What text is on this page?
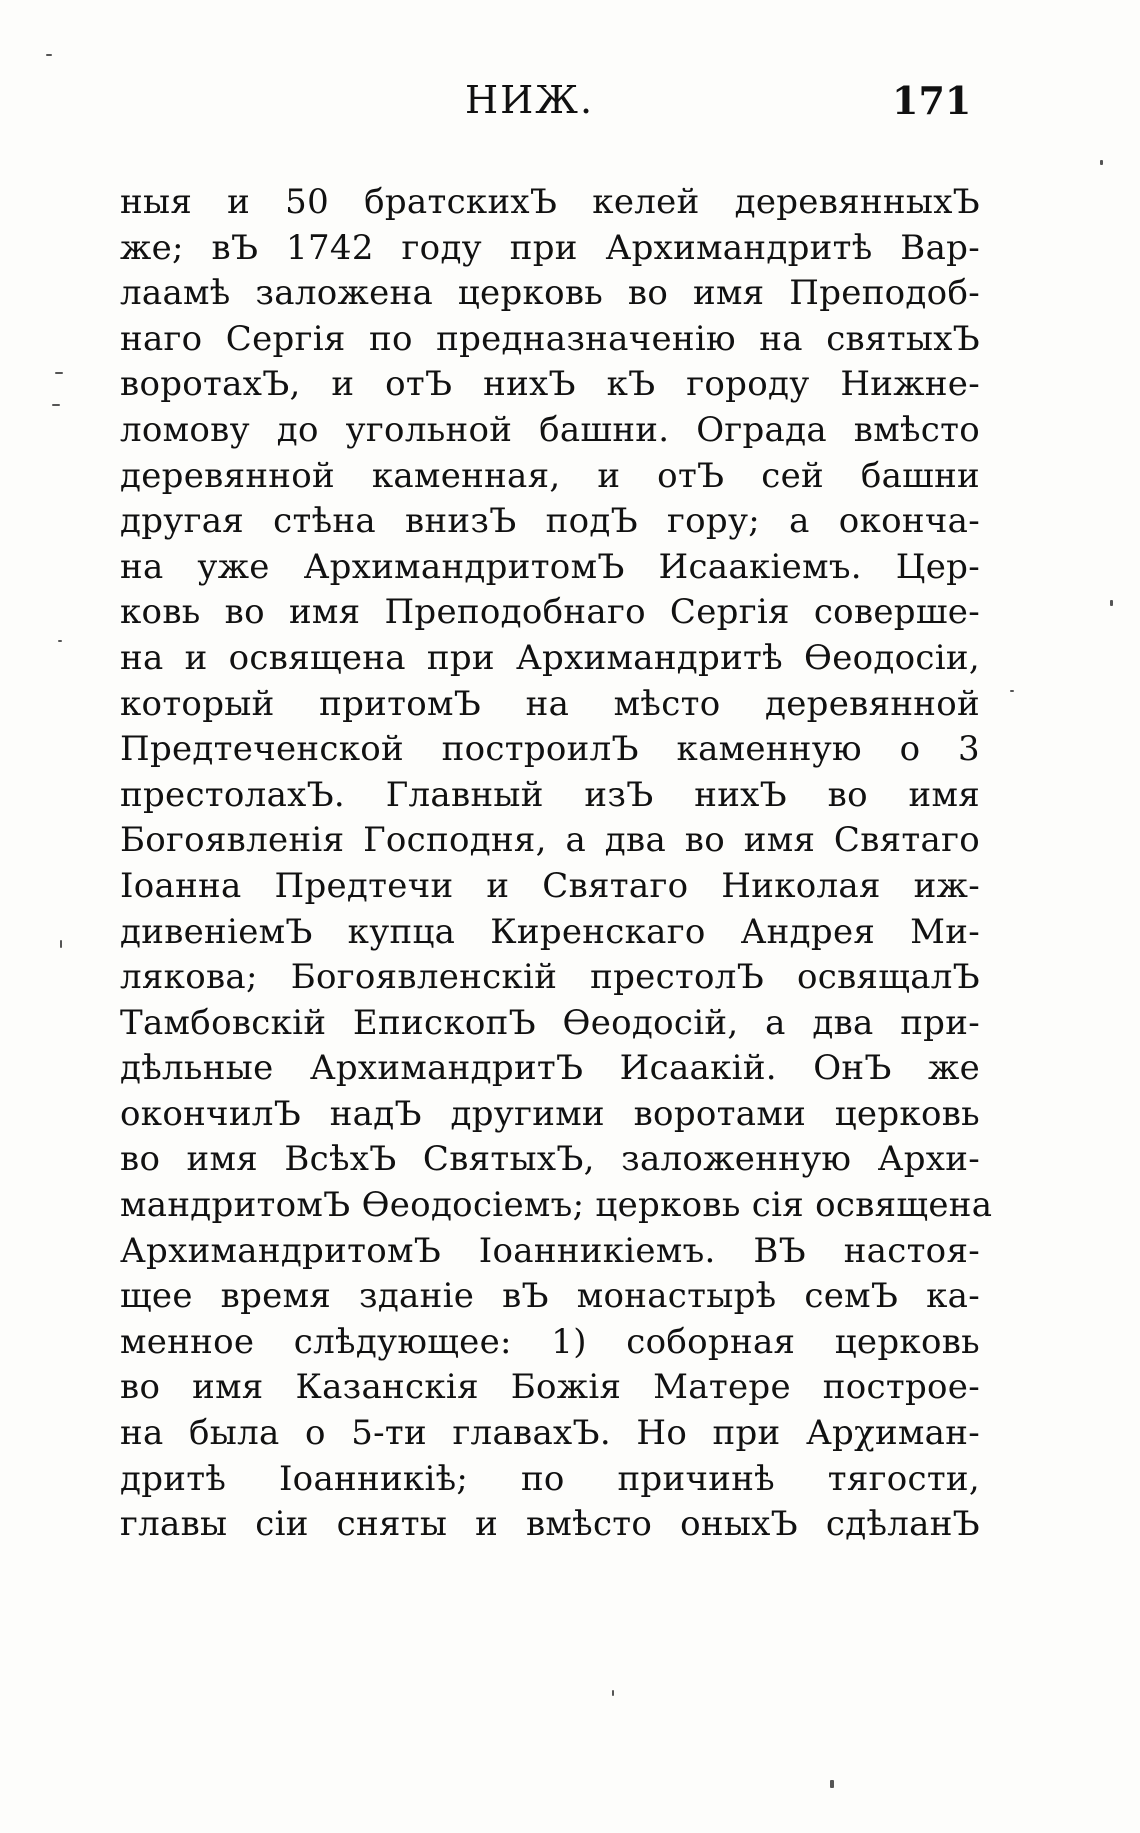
НИЖ.	171
ныя и 50 братскихЪ келей деревянныхЪ
же; вЪ 1742 году при Архимандритѣ Вар-
лаамѣ заложена церковь во имя Преподоб-
наго Сергія по предназначенію на святыхЪ
воротахЪ, и отЪ нихЪ кЪ городу Нижне-
ломову до угольной башни. Ограда вмѣсто
деревянной каменная, и отЪ сей башни
другая стѣна внизЪ подЪ гору; а оконча-
на уже АрхимандритомЪ Исаакіемъ. Цер-
ковь во имя Преподобнаго Сергія соверше-
на и освящена при Архимандритѣ Өеодосіи,
который притомЪ на мѣсто деревянной
Предтеченской построилЪ каменную о 3
престолахЪ. Главный изЪ нихЪ во имя
Богоявленія Господня, а два во имя Святаго
Іоанна Предтечи и Святаго Николая иж-
дивеніемЪ купца Киренскаго Андрея Ми-
лякова; Богоявленскій престолЪ освящалЪ
Тамбовскій ЕпископЪ Өеодосій, а два при-
дѣльные АрхимандритЪ Исаакій. ОнЪ же
окончилЪ надЪ другими воротами церковь
во имя ВсѣхЪ СвятыхЪ, заложенную Архи-
мандритомЪ Өеодосіемъ; церковь сія освящена
АрхимандритомЪ Іоанникіемъ. ВЪ настоя-
щее время зданіе вЪ монастырѣ семЪ ка-
менное слѣдующее: 1) соборная церковь
во имя Казанскія Божія Матере построе-
на была о 5-ти главахЪ. Но при Арχиман-
дритѣ Іоанникіѣ; по причинѣ тягости,
главы сіи сняты и вмѣсто оныхЪ сдѣланЪ
